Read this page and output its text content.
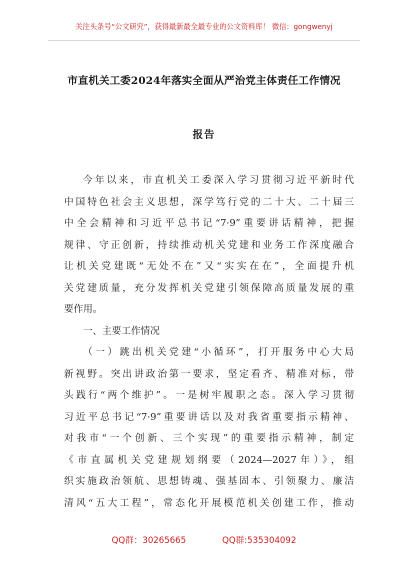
关注头条号“公文研究”，获得最新最全最专业的公文资料库！ 微信：gongwenyj
市直机关工委2024年落实全面从严治党主体责任工作情况
报告
今年以来，市直机关工委深入学习贯彻习近平新时代
中国特色社会主义思想，深学笃行党的二十大、二十届三
中全会精神和习近平总书记“7·9”重要讲话精神，把握
规律、守正创新，持续推动机关党建和业务工作深度融合
让机关党建既“无处不在”又“实实在在”，全面提升机
关党建质量，充分发挥机关党建引领保障高质量发展的重
要作用。
一、主要工作情况
（一）跳出机关党建“小循环”，打开服务中心大局
新视野。突出讲政治第一要求，坚定看齐、精准对标，带
头践行“两个维护”。一是树牢履职之态。深入学习贯彻
习近平总书记“7·9”重要讲话以及对我省重要指示精神、
对我市“一个创新、三个实现”的重要指示精神，制定
《市直属机关党建规划纲要（2024—2027年）》，组
织实施政治领航、思想铸魂、强基固本、引领聚力、廉洁
清风“五大工程”，常态化开展模范机关创建工作，推动
QQ群：30265665	QQ群:535304092
